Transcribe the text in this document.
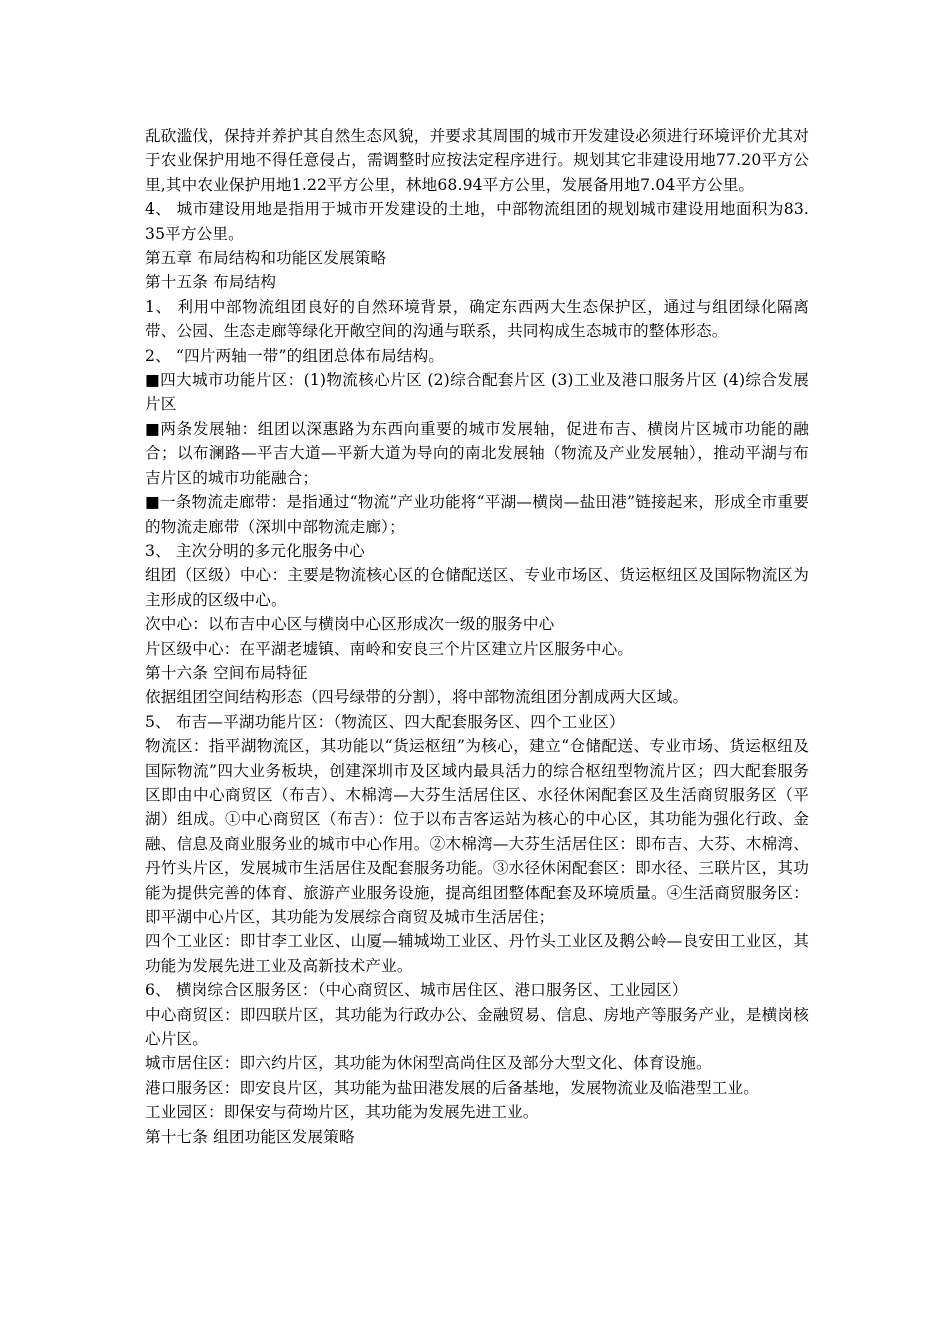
乱砍滥伐，保持并养护其自然生态风貌，并要求其周围的城市开发建设必须进行环境评价尤其对于农业保护用地不得任意侵占，需调整时应按法定程序进行。规划其它非建设用地77.20平方公里,其中农业保护用地1.22平方公里，林地68.94平方公里，发展备用地7.04平方公里。

4、 城市建设用地是指用于城市开发建设的土地，中部物流组团的规划城市建设用地面积为83.35平方公里。

第五章 布局结构和功能区发展策略

第十五条 布局结构

1、 利用中部物流组团良好的自然环境背景，确定东西两大生态保护区，通过与组团绿化隔离带、公园、生态走廊等绿化开敞空间的沟通与联系，共同构成生态城市的整体形态。

2、 “四片两轴一带”的组团总体布局结构。

■四大城市功能片区：(1)物流核心片区 (2)综合配套片区 (3)工业及港口服务片区 (4)综合发展片区

■两条发展轴：组团以深惠路为东西向重要的城市发展轴，促进布吉、横岗片区城市功能的融合；以布澜路—平吉大道—平新大道为导向的南北发展轴（物流及产业发展轴），推动平湖与布吉片区的城市功能融合；

■一条物流走廊带：是指通过“物流”产业功能将“平湖—横岗—盐田港”链接起来，形成全市重要的物流走廊带（深圳中部物流走廊）；

3、 主次分明的多元化服务中心

组团（区级）中心：主要是物流核心区的仓储配送区、专业市场区、货运枢纽区及国际物流区为主形成的区级中心。

次中心：以布吉中心区与横岗中心区形成次一级的服务中心

片区级中心：在平湖老墟镇、南岭和安良三个片区建立片区服务中心。

第十六条 空间布局特征

依据组团空间结构形态（四号绿带的分割），将中部物流组团分割成两大区域。

5、 布吉—平湖功能片区：（物流区、四大配套服务区、四个工业区）

物流区：指平湖物流区，其功能以“货运枢纽”为核心，建立“仓储配送、专业市场、货运枢纽及国际物流”四大业务板块，创建深圳市及区域内最具活力的综合枢纽型物流片区；四大配套服务区即由中心商贸区（布吉）、木棉湾—大芬生活居住区、水径休闲配套区及生活商贸服务区（平湖）组成。①中心商贸区（布吉）：位于以布吉客运站为核心的中心区，其功能为强化行政、金融、信息及商业服务业的城市中心作用。②木棉湾—大芬生活居住区：即布吉、大芬、木棉湾、丹竹头片区，发展城市生活居住及配套服务功能。③水径休闲配套区：即水径、三联片区，其功能为提供完善的体育、旅游产业服务设施，提高组团整体配套及环境质量。④生活商贸服务区：即平湖中心片区，其功能为发展综合商贸及城市生活居住；

四个工业区：即甘李工业区、山厦—辅城坳工业区、丹竹头工业区及鹅公岭—良安田工业区，其功能为发展先进工业及高新技术产业。

6、 横岗综合区服务区：（中心商贸区、城市居住区、港口服务区、工业园区）

中心商贸区：即四联片区，其功能为行政办公、金融贸易、信息、房地产等服务产业，是横岗核心片区。

城市居住区：即六约片区，其功能为休闲型高尚住区及部分大型文化、体育设施。

港口服务区：即安良片区，其功能为盐田港发展的后备基地，发展物流业及临港型工业。

工业园区：即保安与荷坳片区，其功能为发展先进工业。

第十七条 组团功能区发展策略
